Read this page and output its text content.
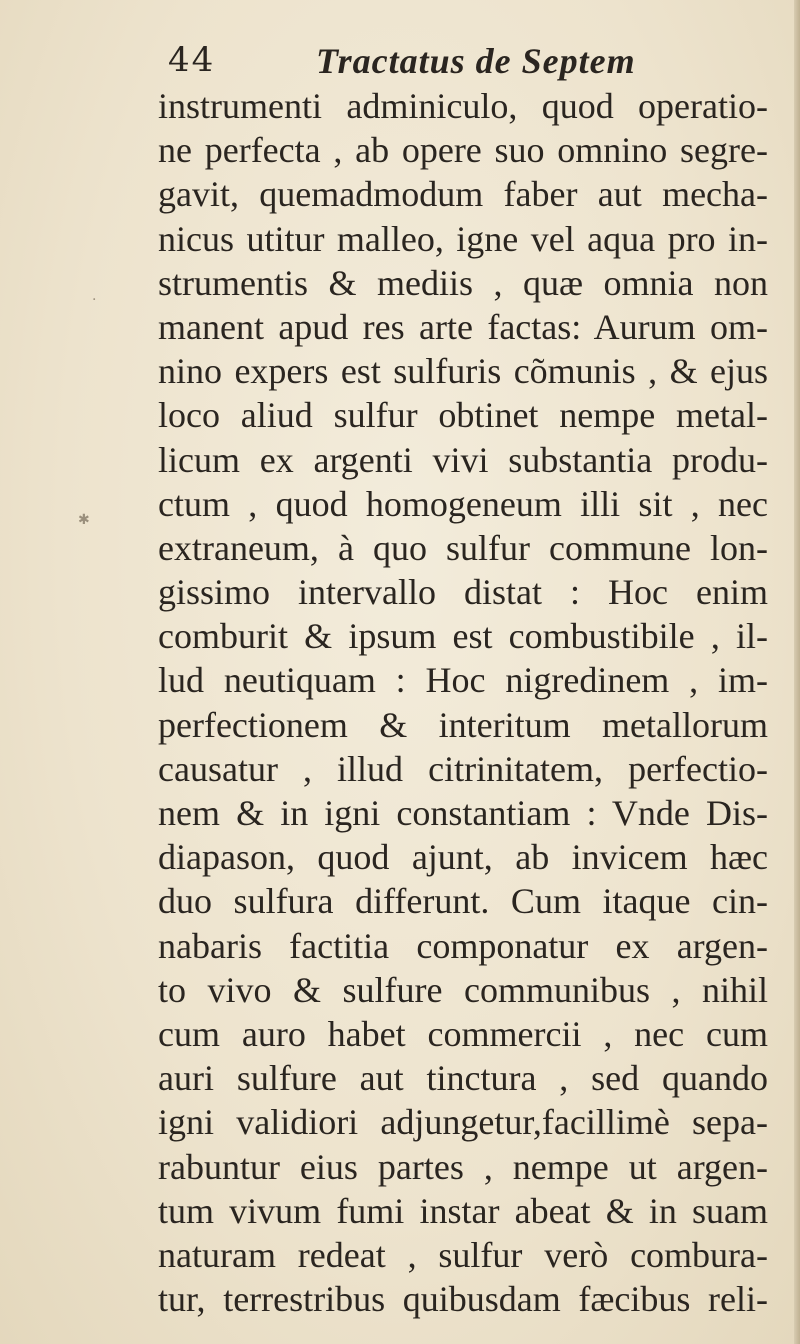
44	Tractatus de Septem
instrumenti adminiculo, quod operatio-
ne perfecta , ab opere suo omnino segre-
gavit, quemadmodum faber aut mecha-
nicus utitur malleo, igne vel aqua pro in-
strumentis & mediis , quæ omnia non
manent apud res arte factas: Aurum om-
nino expers est sulfuris cõmunis , & ejus
loco aliud sulfur obtinet nempe metal-
licum ex argenti vivi substantia produ-
ctum , quod homogeneum illi sit , nec
extraneum, à quo sulfur commune lon-
gissimo intervallo distat : Hoc enim
comburit & ipsum est combustibile , il-
lud neutiquam : Hoc nigredinem , im-
perfectionem & interitum metallorum
causatur , illud citrinitatem, perfectio-
nem & in igni constantiam : Vnde Dis-
diapason, quod ajunt, ab invicem hæc
duo sulfura differunt. Cum itaque cin-
nabaris factitia componatur ex argen-
to vivo & sulfure communibus , nihil
cum auro habet commercii , nec cum
auri sulfure aut tinctura , sed quando
igni validiori adjungetur,facillimè sepa-
rabuntur eius partes , nempe ut argen-
tum vivum fumi instar abeat & in suam
naturam redeat , sulfur verò combura-
tur, terrestribus quibusdam fæcibus reli-
✱
·
